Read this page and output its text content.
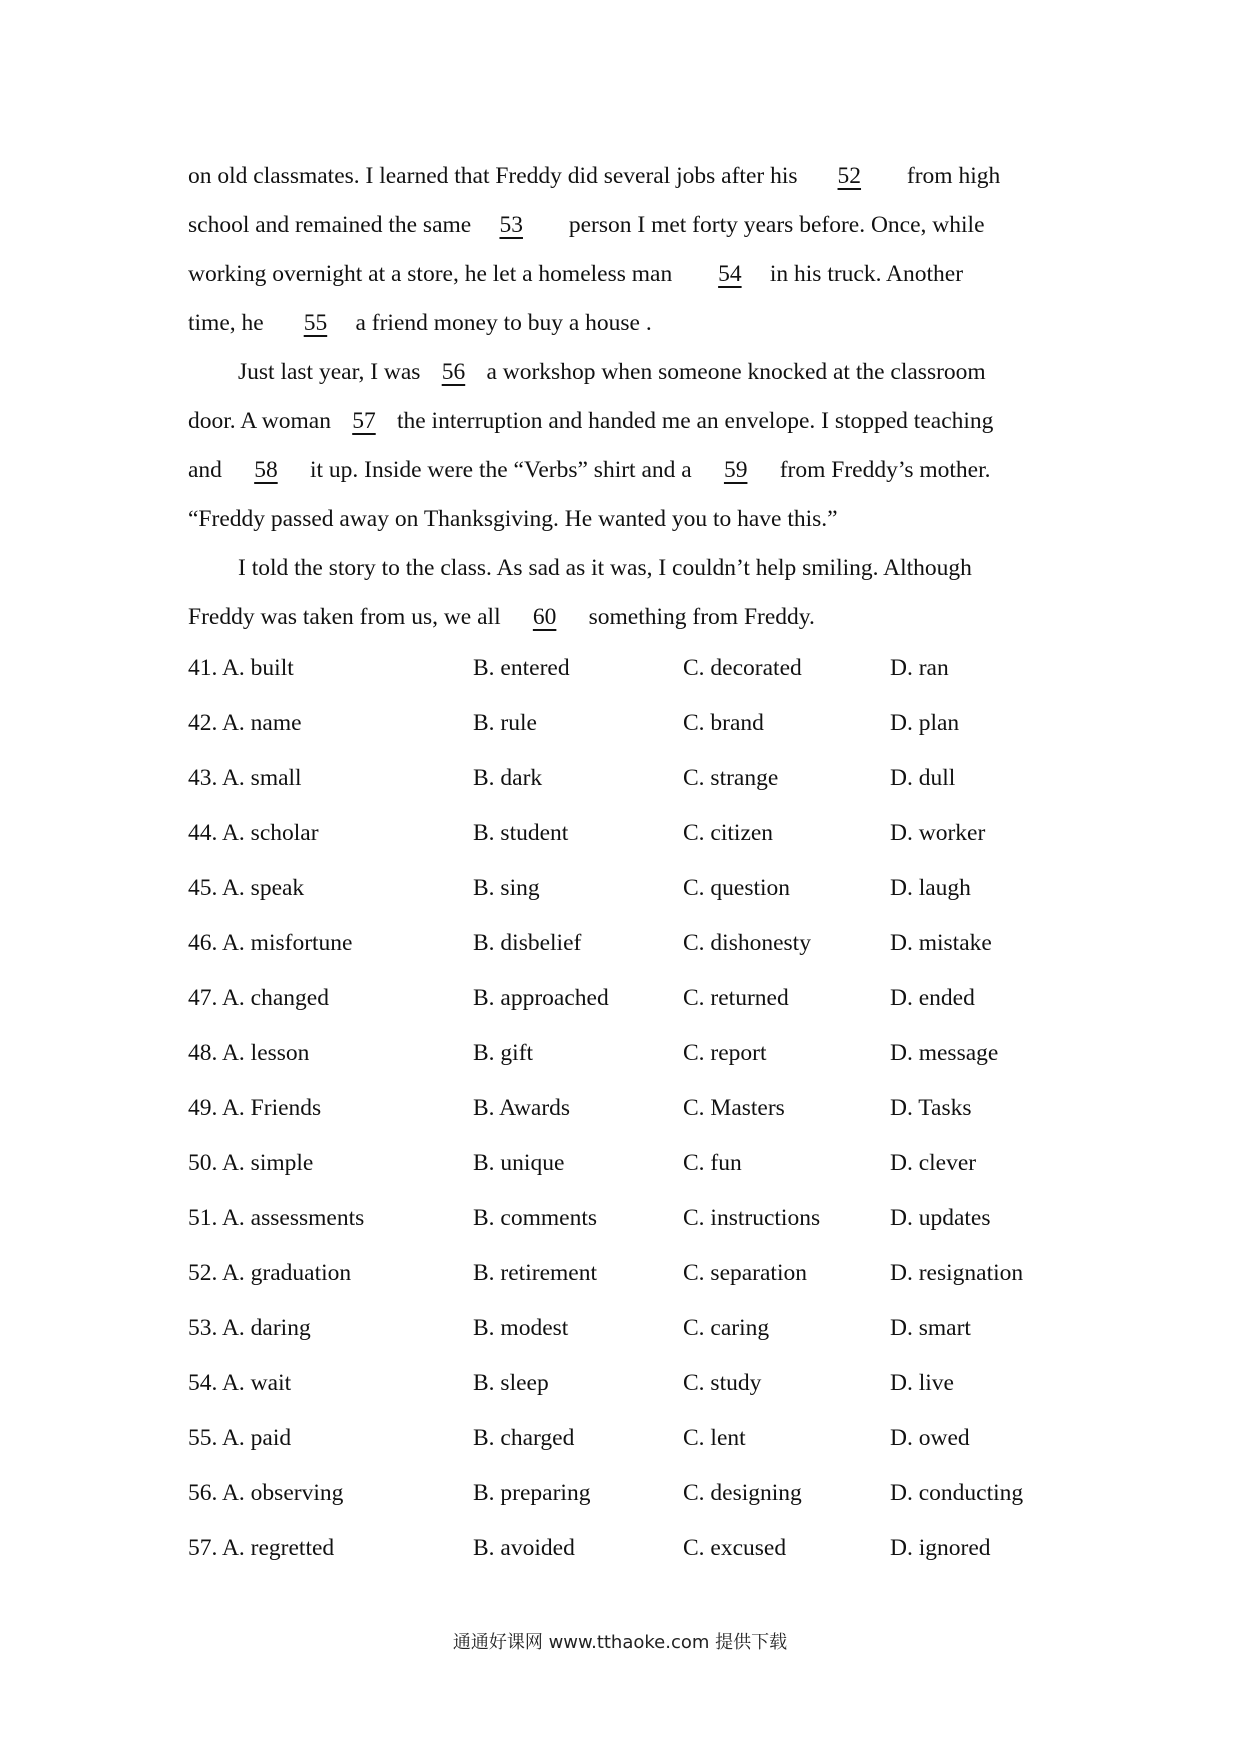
on old classmates. I learned that Freddy did several jobs after his 52 from high
school and remained the same 53 person I met forty years before. Once, while
working overnight at a store, he let a homeless man 54 in his truck. Another
time, he 55 a friend money to buy a house .
Just last year, I was 56 a workshop when someone knocked at the classroom
door. A woman 57 the interruption and handed me an envelope. I stopped teaching
and 58 it up. Inside were the “Verbs” shirt and a 59 from Freddy’s mother.
“Freddy passed away on Thanksgiving. He wanted you to have this.”
I told the story to the class. As sad as it was, I couldn’t help smiling. Although
Freddy was taken from us, we all 60 something from Freddy.
41. A. built	B. entered	C. decorated	D. ran
42. A. name	B. rule	C. brand	D. plan
43. A. small	B. dark	C. strange	D. dull
44. A. scholar	B. student	C. citizen	D. worker
45. A. speak	B. sing	C. question	D. laugh
46. A. misfortune	B. disbelief	C. dishonesty	D. mistake
47. A. changed	B. approached	C. returned	D. ended
48. A. lesson	B. gift	C. report	D. message
49. A. Friends	B. Awards	C. Masters	D. Tasks
50. A. simple	B. unique	C. fun	D. clever
51. A. assessments	B. comments	C. instructions	D. updates
52. A. graduation	B. retirement	C. separation	D. resignation
53. A. daring	B. modest	C. caring	D. smart
54. A. wait	B. sleep	C. study	D. live
55. A. paid	B. charged	C. lent	D. owed
56. A. observing	B. preparing	C. designing	D. conducting
57. A. regretted	B. avoided	C. excused	D. ignored
通通好课网 www.tthaoke.com 提供下载
